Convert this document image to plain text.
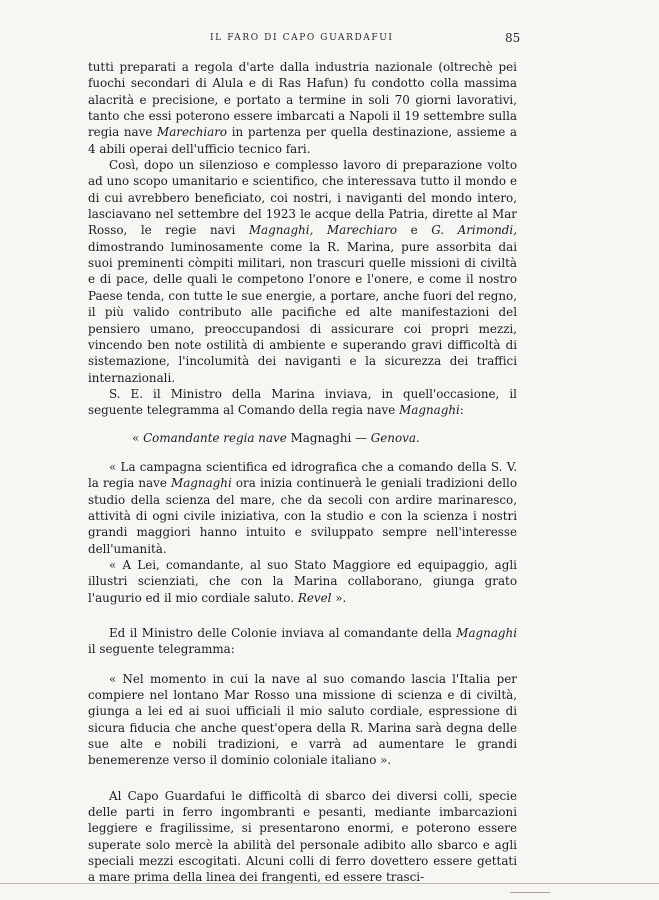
IL FARO DI CAPO GUARDAFUI	85

tutti preparati a regola d'arte dalla industria nazionale (oltrechè pei fuochi secondari di Alula e di Ras Hafun) fu condotto colla massima alacrità e precisione, e portato a termine in soli 70 giorni lavorativi, tanto che essi poterono essere imbarcati a Napoli il 19 settembre sulla regia nave Marechiaro in partenza per quella destinazione, assieme a 4 abili operai dell'ufficio tecnico fari.

Così, dopo un silenzioso e complesso lavoro di preparazione volto ad uno scopo umanitario e scientifico, che interessava tutto il mondo e di cui avrebbero beneficiato, coi nostri, i naviganti del mondo intero, lasciavano nel settembre del 1923 le acque della Patria, dirette al Mar Rosso, le regie navi Magnaghi, Marechiaro e G. Arimondi, dimostrando luminosamente come la R. Marina, pure assorbita dai suoi preminenti còmpiti militari, non trascuri quelle missioni di civiltà e di pace, delle quali le competono l'onore e l'onere, e come il nostro Paese tenda, con tutte le sue energie, a portare, anche fuori del regno, il più valido contributo alle pacifiche ed alte manifestazioni del pensiero umano, preoccupandosi di assicurare coi propri mezzi, vincendo ben note ostilità di ambiente e superando gravi difficoltà di sistemazione, l'incolumità dei naviganti e la sicurezza dei traffici internazionali.

S. E. il Ministro della Marina inviava, in quell'occasione, il seguente telegramma al Comando della regia nave Magnaghi:

« Comandante regia nave Magnaghi — Genova.

« La campagna scientifica ed idrografica che a comando della S. V. la regia nave Magnaghi ora inizia continuerà le geniali tradizioni dello studio della scienza del mare, che da secoli con ardire marinaresco, attività di ogni civile iniziativa, con la studio e con la scienza i nostri grandi maggiori hanno intuito e sviluppato sempre nell'interesse dell'umanità.

« A Lei, comandante, al suo Stato Maggiore ed equipaggio, agli illustri scienziati, che con la Marina collaborano, giunga grato l'augurio ed il mio cordiale saluto. Revel ».

Ed il Ministro delle Colonie inviava al comandante della Magnaghi il seguente telegramma:

« Nel momento in cui la nave al suo comando lascia l'Italia per compiere nel lontano Mar Rosso una missione di scienza e di civiltà, giunga a lei ed ai suoi ufficiali il mio saluto cordiale, espressione di sicura fiducia che anche quest'opera della R. Marina sarà degna delle sue alte e nobili tradizioni, e varrà ad aumentare le grandi benemerenze verso il dominio coloniale italiano ».

Al Capo Guardafui le difficoltà di sbarco dei diversi colli, specie delle parti in ferro ingombranti e pesanti, mediante imbarcazioni leggiere e fragilissime, si presentarono enormi, e poterono essere superate solo mercè la abilità del personale adibito allo sbarco e agli speciali mezzi escogitati. Alcuni colli di ferro dovettero essere gettati a mare prima della linea dei frangenti, ed essere trasci-
